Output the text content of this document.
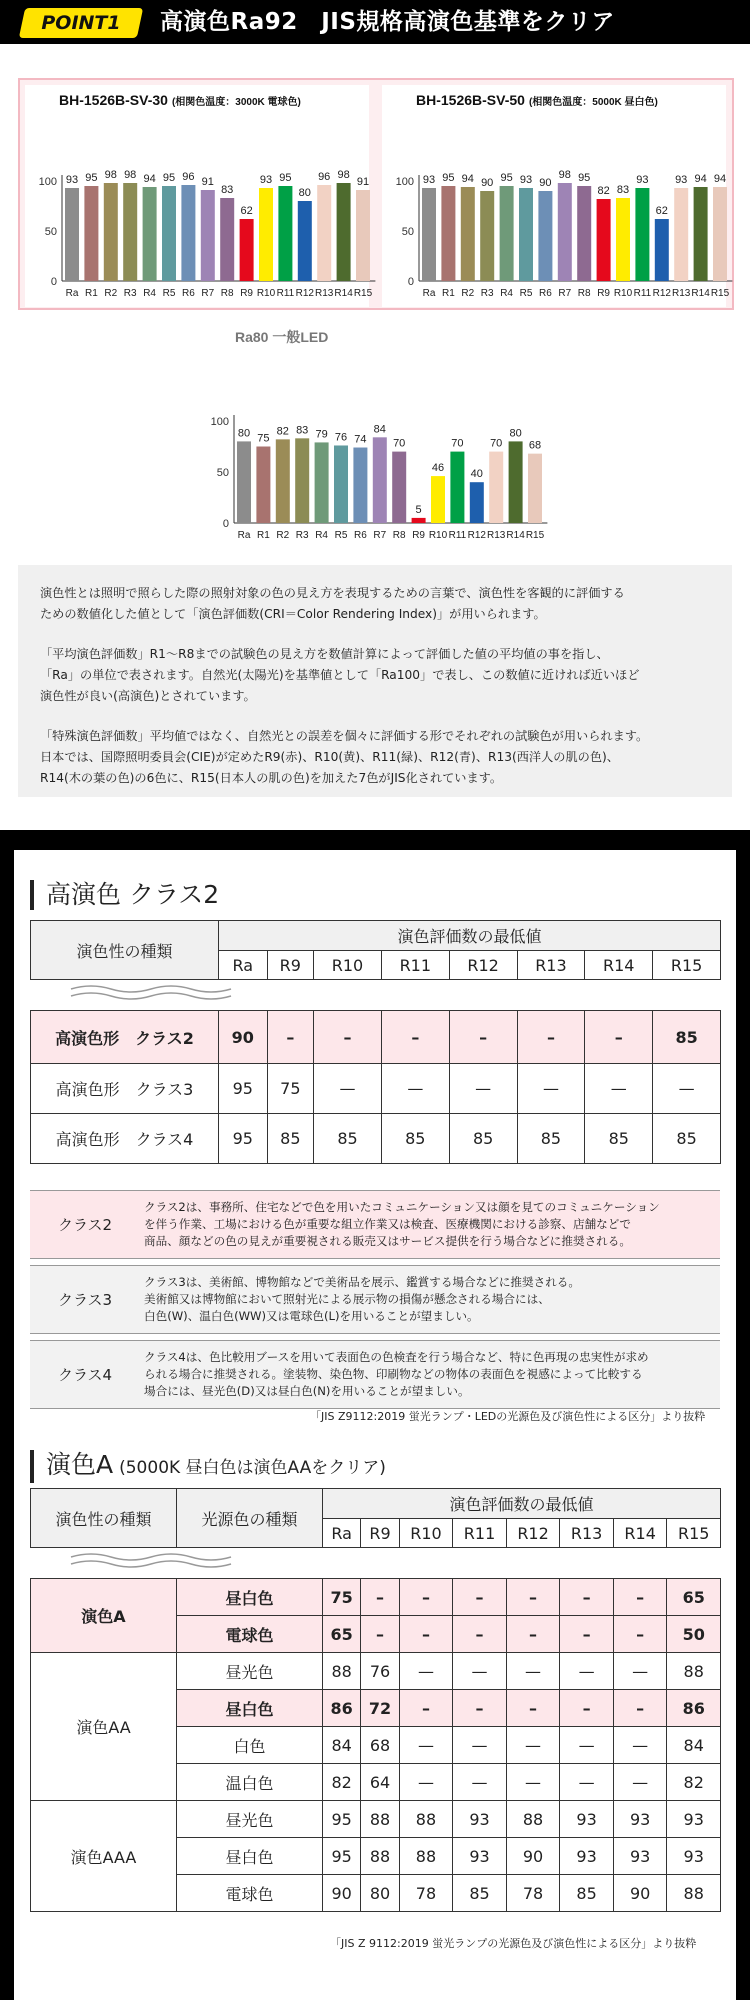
POINT1	高演色Ra92　JIS規格高演色基準をクリア
BH-1526B-SV-30 (相関色温度：3000K 電球色)
0
50
100 93
Ra
95
R1
98
R2
98
R3
94
R4
95
R5
96
R6
91
R7
83
R8
62
R9
93
R10
95
R11
80
R12
96
R13
98
R14
91
R15
BH-1526B-SV-50 (相関色温度：5000K 昼白色)
0
50
100 93
Ra
95
R1
94
R2
90
R3
95
R4
93
R5
90
R6
98
R7
95
R8
82
R9
83
R10
93
R11
62
R12
93
R13
94
R14
94
R15
Ra80 一般LED
0
50
100
80
Ra
75
R1
82
R2
83
R3
79
R4
76
R5
74
R6
84
R7
70
R8
5
R9
46
R10
70
R11
40
R12
70
R13
80
R14
68
R15

演色性とは照明で照らした際の照射対象の色の見え方を表現するための言葉で、演色性を客観的に評価する
ための数値化した値として「演色評価数(CRI＝Color Rendering Index)」が用いられます。

「平均演色評価数」R1〜R8までの試験色の見え方を数値計算によって評価した値の平均値の事を指し、
「Ra」の単位で表されます。自然光(太陽光)を基準値として「Ra100」で表し、この数値に近ければ近いほど
演色性が良い(高演色)とされています。

「特殊演色評価数」平均値ではなく、自然光との誤差を個々に評価する形でそれぞれの試験色が用いられます。
日本では、国際照明委員会(CIE)が定めたR9(赤)、R10(黄)、R11(緑)、R12(青)、R13(西洋人の肌の色)、
R14(木の葉の色)の6色に、R15(日本人の肌の色)を加えた7色がJIS化されています。

高演色 クラス2
演色性の種類	演色評価数の最低値							
	Ra	R9	R10	R11	R12	R13	R14	R15

高演色形　クラス2	90	–	–	–	–	–	–	85
高演色形　クラス3	95	75	—	—	—	—	—	—
高演色形　クラス4	95	85	85	85	85	85	85	85
クラス2
クラス2は、事務所、住宅などで色を用いたコミュニケーション又は顔を見てのコミュニケーション
を伴う作業、工場における色が重要な組立作業又は検査、医療機関における診察、店舗などで
商品、顔などの色の見えが重要視される販売又はサービス提供を行う場合などに推奨される。
クラス3
クラス3は、美術館、博物館などで美術品を展示、鑑賞する場合などに推奨される。
美術館又は博物館において照射光による展示物の損傷が懸念される場合には、
白色(W)、温白色(WW)又は電球色(L)を用いることが望ましい。
クラス4
クラス4は、色比較用ブースを用いて表面色の色検査を行う場合など、特に色再現の忠実性が求め
られる場合に推奨される。塗装物、染色物、印刷物などの物体の表面色を視感によって比較する
場合には、昼光色(D)又は昼白色(N)を用いることが望ましい。
「JIS Z9112:2019 蛍光ランプ・LEDの光源色及び演色性による区分」より抜粋
演色A (5000K 昼白色は演色AAをクリア)
演色性の種類	光源色の種類	演色評価数の最低値							
		Ra	R9	R10	R11	R12	R13	R14	R15

演色A	昼白色	75	–	–	–	–	–	–	65
	電球色	65	–	–	–	–	–	–	50
演色AA	昼光色	88	76	—	—	—	—	—	88
	昼白色	86	72	–	–	–	–	–	86
	白色	84	68	—	—	—	—	—	84
	温白色	82	64	—	—	—	—	—	82
演色AAA	昼光色	95	88	88	93	88	93	93	93
	昼白色	95	88	88	93	90	93	93	93
	電球色	90	80	78	85	78	85	90	88
「JIS Z 9112:2019 蛍光ランプの光源色及び演色性による区分」より抜粋
